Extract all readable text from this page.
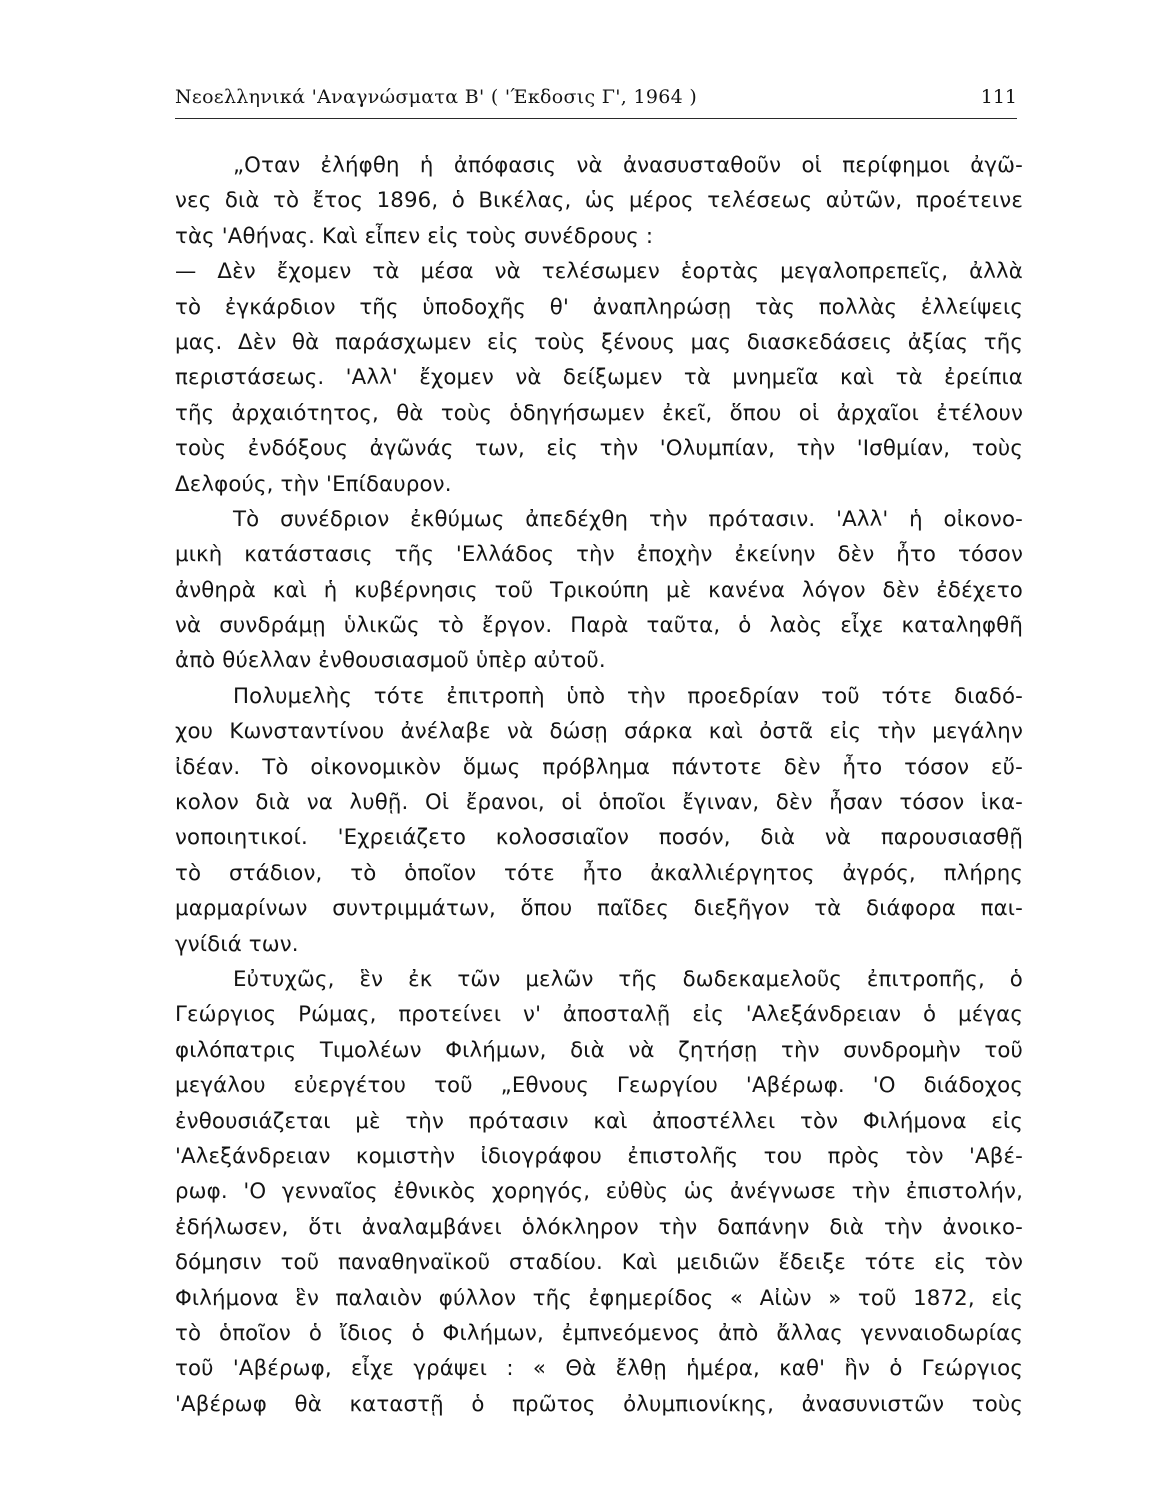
Νεοελληνικά 'Αναγνώσματα Β' ( 'Έκδοσις Γ', 1964 )	111
„Οταν ἐλήφθη ἡ ἀπόφασις νὰ ἀνασυσταθοῦν οἱ περίφημοι ἀγῶ-
νες διὰ τὸ ἔτος 1896, ὁ Βικέλας, ὡς μέρος τελέσεως αὐτῶν, προέτεινε
τὰς 'Αθήνας. Καὶ εἶπεν εἰς τοὺς συνέδρους :
— Δὲν ἔχομεν τὰ μέσα νὰ τελέσωμεν ἑορτὰς μεγαλοπρεπεῖς, ἀλλὰ
τὸ ἐγκάρδιον τῆς ὑποδοχῆς θ' ἀναπληρώσῃ τὰς πολλὰς ἐλλείψεις
μας. Δὲν θὰ παράσχωμεν εἰς τοὺς ξένους μας διασκεδάσεις ἀξίας τῆς
περιστάσεως. 'Αλλ' ἔχομεν νὰ δείξωμεν τὰ μνημεῖα καὶ τὰ ἐρείπια
τῆς ἀρχαιότητος, θὰ τοὺς ὁδηγήσωμεν ἐκεῖ, ὅπου οἱ ἀρχαῖοι ἐτέλουν
τοὺς ἐνδόξους ἀγῶνάς των, εἰς τὴν 'Ολυμπίαν, τὴν 'Ισθμίαν, τοὺς
Δελφούς, τὴν 'Επίδαυρον.
Τὸ συνέδριον ἐκθύμως ἀπεδέχθη τὴν πρότασιν. 'Αλλ' ἡ οἰκονο-
μικὴ κατάστασις τῆς 'Ελλάδος τὴν ἐποχὴν ἐκείνην δὲν ἦτο τόσον
ἀνθηρὰ καὶ ἡ κυβέρνησις τοῦ Τρικούπη μὲ κανένα λόγον δὲν ἐδέχετο
νὰ συνδράμῃ ὑλικῶς τὸ ἔργον. Παρὰ ταῦτα, ὁ λαὸς εἶχε καταληφθῆ
ἀπὸ θύελλαν ἐνθουσιασμοῦ ὑπὲρ αὐτοῦ.
Πολυμελὴς τότε ἐπιτροπὴ ὑπὸ τὴν προεδρίαν τοῦ τότε διαδό-
χου Κωνσταντίνου ἀνέλαβε νὰ δώσῃ σάρκα καὶ ὀστᾶ εἰς τὴν μεγάλην
ἰδέαν. Τὸ οἰκονομικὸν ὅμως πρόβλημα πάντοτε δὲν ἦτο τόσον εὔ-
κολον διὰ να λυθῇ. Οἱ ἔρανοι, οἱ ὁποῖοι ἔγιναν, δὲν ἦσαν τόσον ἱκα-
νοποιητικοί. 'Εχρειάζετο κολοσσιαῖον ποσόν, διὰ νὰ παρουσιασθῇ
τὸ στάδιον, τὸ ὁποῖον τότε ἦτο ἀκαλλιέργητος ἀγρός, πλήρης
μαρμαρίνων συντριμμάτων, ὅπου παῖδες διεξῆγον τὰ διάφορα παι-
γνίδιά των.
Εὐτυχῶς, ἓν ἐκ τῶν μελῶν τῆς δωδεκαμελοῦς ἐπιτροπῆς, ὁ
Γεώργιος Ρώμας, προτείνει ν' ἀποσταλῇ εἰς 'Αλεξάνδρειαν ὁ μέγας
φιλόπατρις Τιμολέων Φιλήμων, διὰ νὰ ζητήσῃ τὴν συνδρομὴν τοῦ
μεγάλου εὐεργέτου τοῦ „Εθνους Γεωργίου 'Αβέρωφ. 'Ο διάδοχος
ἐνθουσιάζεται μὲ τὴν πρότασιν καὶ ἀποστέλλει τὸν Φιλήμονα εἰς
'Αλεξάνδρειαν κομιστὴν ἰδιογράφου ἐπιστολῆς του πρὸς τὸν 'Αβέ-
ρωφ. 'Ο γενναῖος ἐθνικὸς χορηγός, εὐθὺς ὡς ἀνέγνωσε τὴν ἐπιστολήν,
ἐδήλωσεν, ὅτι ἀναλαμβάνει ὁλόκληρον τὴν δαπάνην διὰ τὴν ἀνοικο-
δόμησιν τοῦ παναθηναϊκοῦ σταδίου. Καὶ μειδιῶν ἔδειξε τότε εἰς τὸν
Φιλήμονα ἓν παλαιὸν φύλλον τῆς ἐφημερίδος « Αἰὼν » τοῦ 1872, εἰς
τὸ ὁποῖον ὁ ἴδιος ὁ Φιλήμων, ἐμπνεόμενος ἀπὸ ἄλλας γενναιοδωρίας
τοῦ 'Αβέρωφ, εἶχε γράψει : « Θὰ ἔλθῃ ἡμέρα, καθ' ἣν ὁ Γεώργιος
'Αβέρωφ θὰ καταστῇ ὁ πρῶτος ὀλυμπιονίκης, ἀνασυνιστῶν τοὺς
